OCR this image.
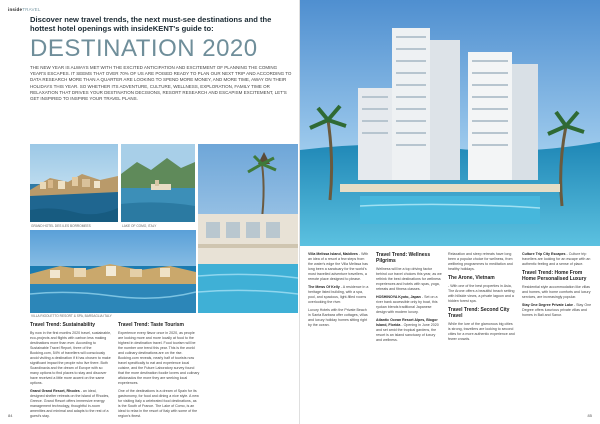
insideTRAVEL
Discover new travel trends, the next must-see destinations and the hottest hotel openings with insideKENT's guide to:
DESTINATION 2020
THE NEW YEAR IS ALWAYS MET WITH THE EXCITED ANTICIPATION AND EXCITEMENT OF PLANNING THE COMING YEAR'S ESCAPES. IT SEEMS THAT OVER 70% OF US ARE POISED READY TO PLAN OUR NEXT TRIP AND ACCORDING TO DATA RESEARCH MORE THAN A QUARTER ARE LOOKING TO SPEND MORE MONEY, AND MORE TIME, AWAY ON THEIR HOLIDAYS THIS YEAR. SO WHETHER ITS ADVENTURE, CULTURE, WELLNESS, EXPLORATION, FAMILY TIME OR RELAXATION THAT DRIVES YOUR DESTINATION DECISIONS, RESORT RESEARCH AND ESCAPISM EXCITEMENT, LET'S GET INSPIRED TO INSPIRE YOUR TRAVEL PLANS.
GRAND HOTEL DES ILES BORROMEES	LAKE OF COMO, ITALY
VILLA RIGOLETTO RESORT & SPA, BARSAGLIA ITALY
Travel Trend: Sustainability

By now in the first months 2020 travel, sustainable, eco-projects and flights with carbon less making destinations more than ever. According to Sustainable Travel Report, three of the Booking.com, 54% of travellers will consciously avoid visiting a destination if it has chosen to make significant impact the people who live there. Both Scandinavia and the dream of Europe with so many options to find places to stay and discover have received a little more accent on the same options.

Grand Grand Resort, Rhodes - an ideal, designed shelter retreats on the island of Rhodes, Greece. Grand Resort offers immersive energy management technology, thoughtful in-room amenities and minimal and adapts to the rest of a guest's stay.

Travel Trend: Taste Tourism

Experience every flavor once in 2020, as people are looking more and more locally at food to the highest in destination travel. Food tourism will be the number one trend this year. This is the world and culinary destinations are on the rise. Booking.com reveals, nearly half of tourists now travel specifically to eat and experience local cuisine, and the Future Laboratory survey found that the more destination foodie lovers and culinary aficionados the more they are seeking local experiences.

One of the destinations is a dream of Spain for its gastronomy, for food and dining a nice style. A new for visiting Italy a celebrated food destinations, as is the South of France. The Lake of Como, is an ideal to relax in the resort of Italy with some of the region's finest.

84

Villa Melissa Island, Maldives - With an idea of a resort a few steps from the water's edge the Villa Melissa has long been a sanctuary for the world's most travelled adventure travellers, a remote place designed to please.

The Mews Of Kelly - A residence in a heritage listed building, with a spa, pool, and spacious, light-filled rooms overlooking the river.

Luxury Hotels with the Private Beach in Santa Barbara offer cottages, villas and luxury holiday homes sitting right by the ocean.

Travel Trend: Wellness Pilgrims

Wellness will be a top driving factor behind our travel choices this year, as we rethink the best destinations for wellness experiences and hotels with spas, yoga, retreats and fitness classes.

HOSHINOYA Kyoto, Japan - Set on a river bank accessible only by boat, this ryokan blends traditional Japanese design with modern luxury.

Atlantic Ocean Resort Alpes, Biogor Island, Florida - Opening in June 2020 and set amid the tropical gardens, the resort is an island sanctuary of luxury and wellness.

Relaxation and sleep retreats have long been a popular choice for wellness, from wellbeing programmes to meditation and healthy holidays.

The Arone, Vietnam

- With one of the best properties in Asia, The Arone offers a beautiful beach setting with hillside views, a private lagoon and a hidden forest spa.

Travel Trend: Second City Travel

While the lure of the glamorous big cities is strong, travellers are looking to second cities for a more authentic experience and fewer crowds.

Culture Trip City Escapes - Culture trip travellers are looking for an escape with an authentic feeling and a sense of place.

Travel Trend: Home From Home Personalised Luxury

Residential style accommodation like villas and homes, with home comforts and luxury services, are increasingly popular.

Stay One Degree Private Lake - Stay One Degree offers luxurious private villas and homes in Bali and Sanur.

85
